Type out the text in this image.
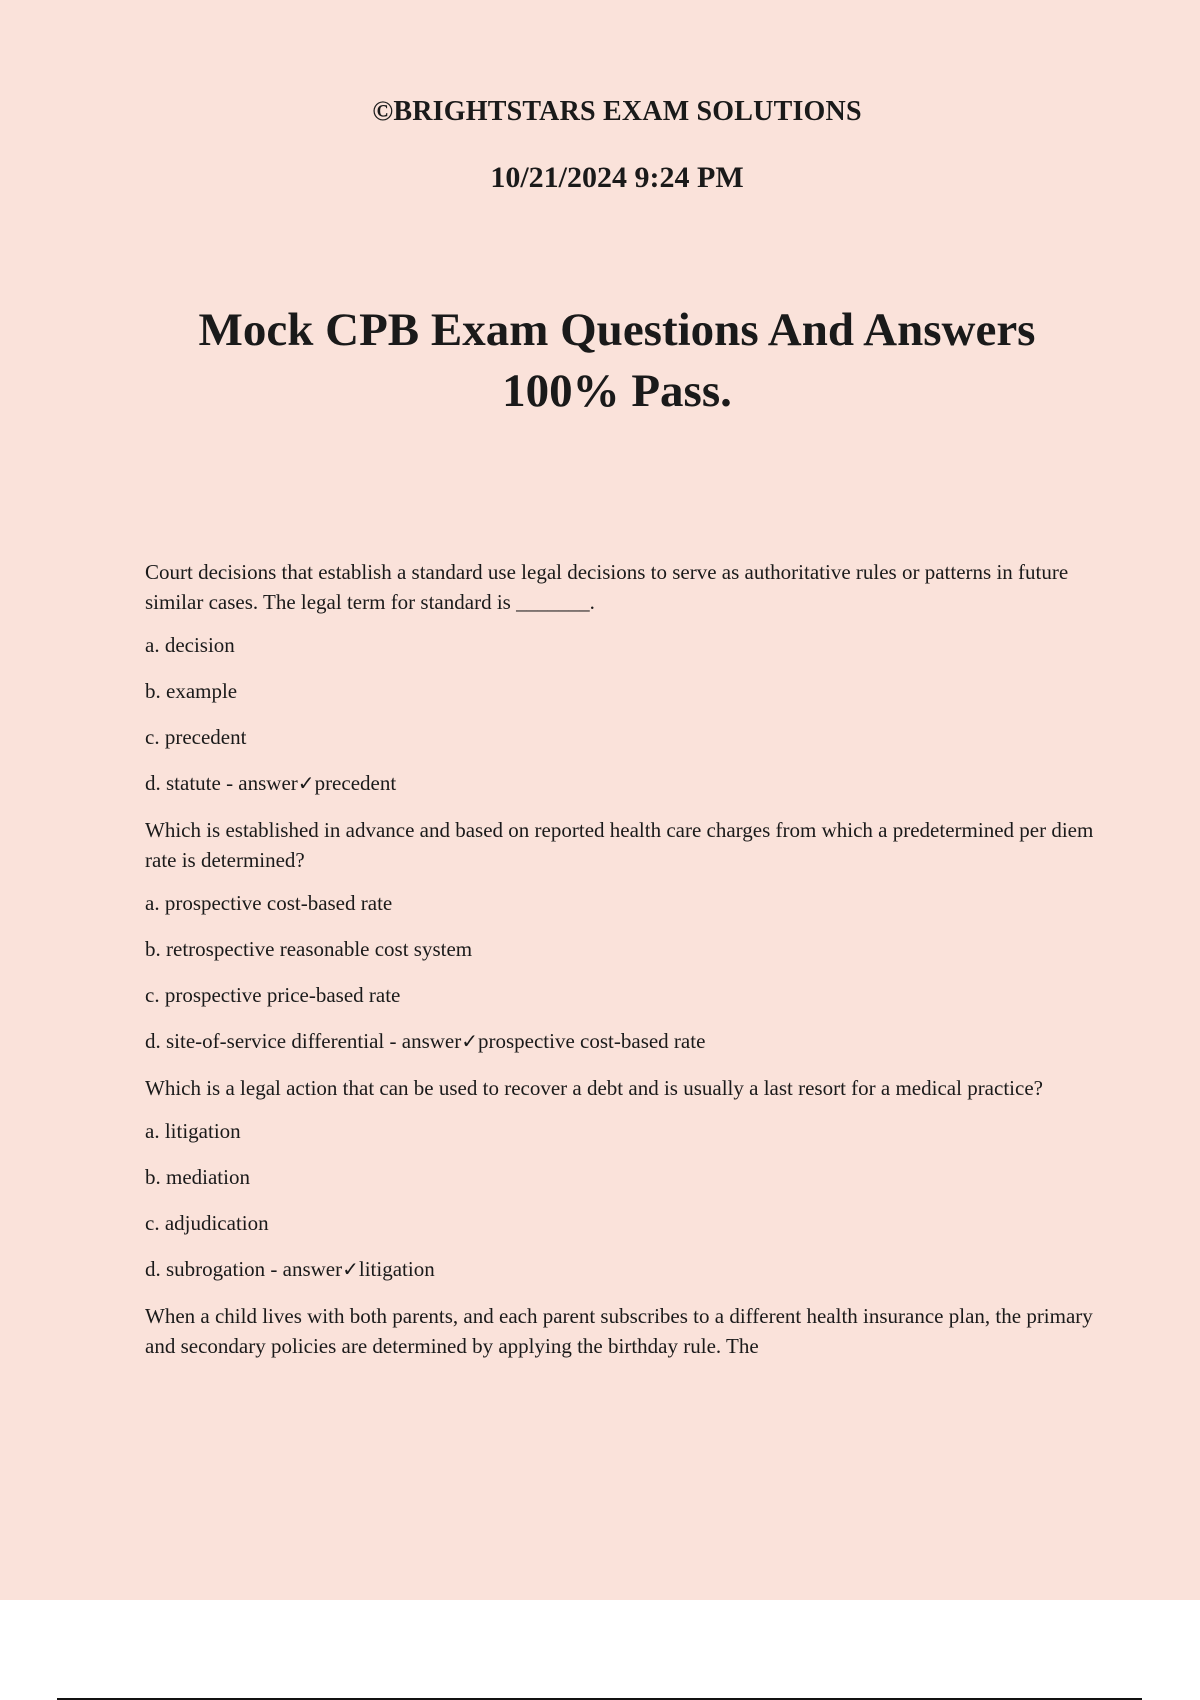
©BRIGHTSTARS EXAM SOLUTIONS
10/21/2024 9:24 PM
Mock CPB Exam Questions And Answers
100% Pass.
Court decisions that establish a standard use legal decisions to serve as authoritative rules or patterns in future similar cases. The legal term for standard is _______.
a. decision
b. example
c. precedent
d. statute - answer✓precedent
Which is established in advance and based on reported health care charges from which a predetermined per diem rate is determined?
a. prospective cost-based rate
b. retrospective reasonable cost system
c. prospective price-based rate
d. site-of-service differential - answer✓prospective cost-based rate
Which is a legal action that can be used to recover a debt and is usually a last resort for a medical practice?
a. litigation
b. mediation
c. adjudication
d. subrogation - answer✓litigation
When a child lives with both parents, and each parent subscribes to a different health insurance plan, the primary and secondary policies are determined by applying the birthday rule. The
